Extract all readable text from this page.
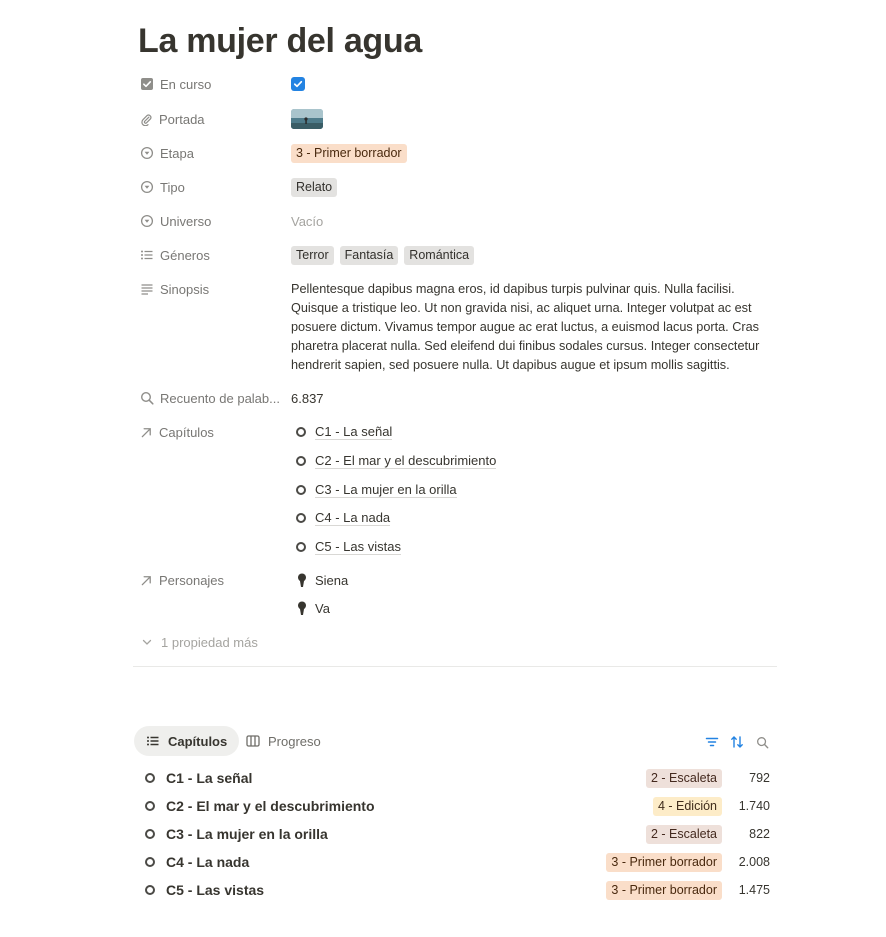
La mujer del agua
En curso
Portada
Etapa	3 - Primer borrador
Tipo	Relato
Universo	Vacío
Géneros	Terror	Fantasía	Romántica
Sinopsis	Pellentesque dapibus magna eros, id dapibus turpis pulvinar quis. Nulla facilisi. Quisque a tristique leo. Ut non gravida nisi, ac aliquet urna. Integer volutpat ac est posuere dictum. Vivamus tempor augue ac erat luctus, a euismod lacus porta. Cras pharetra placerat nulla. Sed eleifend dui finibus sodales cursus. Integer consectetur hendrerit sapien, sed posuere nulla. Ut dapibus augue et ipsum mollis sagittis.

Recuento de palab... 6.837
Capítulos	C1 - La señal
C2 - El mar y el descubrimiento
C3 - La mujer en la orilla
C4 - La nada
C5 - Las vistas
Personajes	Siena
Va
1 propiedad más
Capítulos	Progreso
C1 - La señal	2 - Escaleta	792
C2 - El mar y el descubrimiento	4 - Edición	1.740
C3 - La mujer en la orilla	2 - Escaleta	822
C4 - La nada	3 - Primer borrador	2.008
C5 - Las vistas	3 - Primer borrador	1.475
